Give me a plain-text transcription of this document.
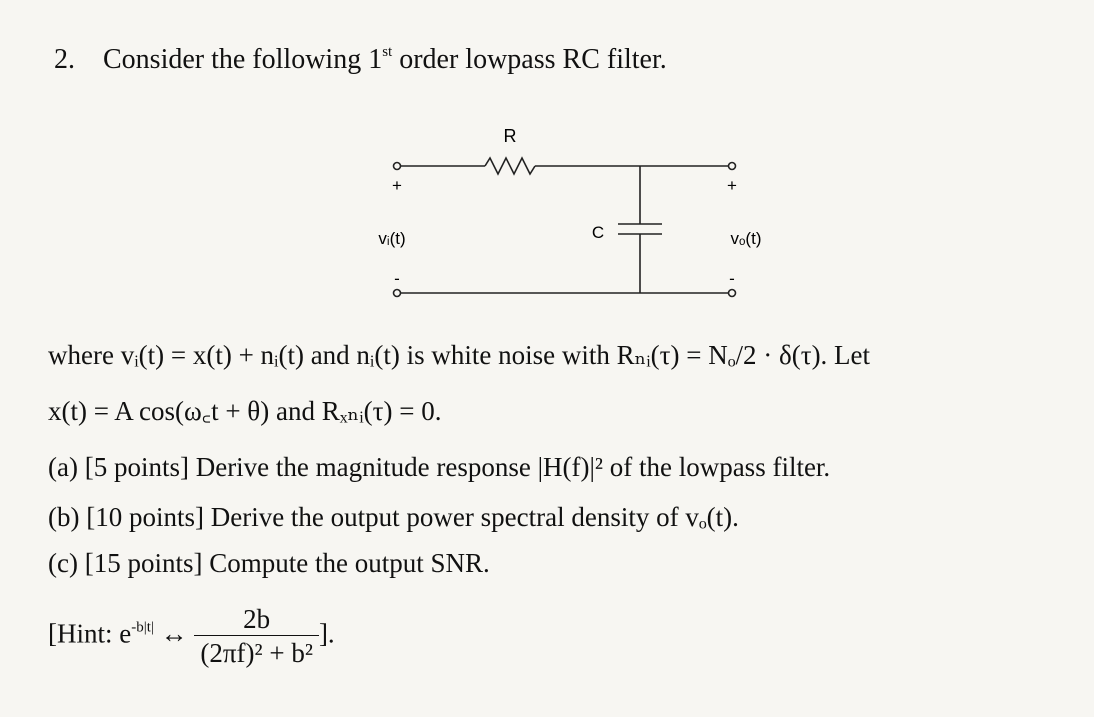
2. Consider the following 1st order lowpass RC filter.
R
C
+
-
+
-
vᵢ(t)	vₒ(t)
where vᵢ(t) = x(t) + nᵢ(t) and nᵢ(t) is white noise with Rₙᵢ(τ) = Nₒ/2 · δ(τ). Let
x(t) = A cos(ω꜀t + θ) and Rₓₙᵢ(τ) = 0.
(a) [5 points] Derive the magnitude response |H(f)|² of the lowpass filter.
(b) [10 points] Derive the output power spectral density of vₒ(t).
(c) [15 points] Compute the output SNR.
[Hint: $e^{-b|t|}$ ↔ $\frac{2b}{\text{(2πf)² + b²}}$ ].
